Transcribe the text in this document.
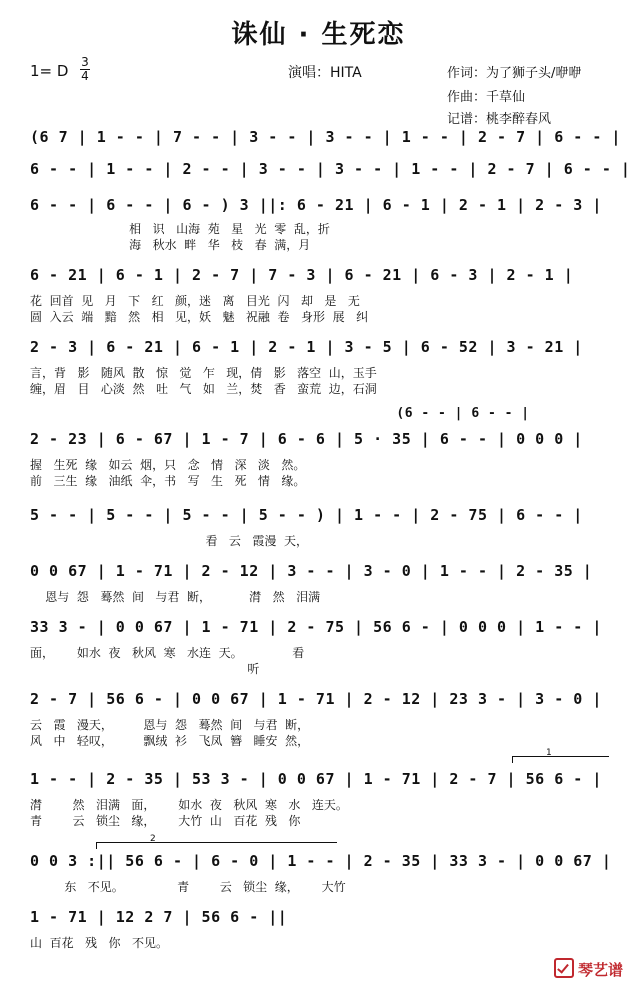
诛仙 · 生死恋
1= D $\frac{3}{4}$	演唱：HITA	作词：为了狮子头/咿咿
作曲：千草仙
记谱：桃李醉春风
(6 7 | 1 - - | 7 - - | 3 - - | 3 - - | 1 - - | 2 - 7 | 6 - - |
6 - - | 1 - - | 2 - - | 3 - - | 3 - - | 1 - - | 2 - 7 | 6 - - |
6 - - | 6 - - | 6 - ) 3 ||: 6 - 21 | 6 - 1 | 2 - 1 | 2 - 3 |
相   识   山海  苑   星   光  零  乱，折
海   秋水  畔   华   枝   春  满，月
6 - 21 | 6 - 1 | 2 - 7 | 7 - 3 | 6 - 21 | 6 - 3 | 2 - 1 |
花  回首  见   月   下   红   颜，迷   离   目光  闪   却   是   无
圆  入云  端   黯   然   相   见，妖   魅   祝融  卷   身形  展   纠
2 - 3 | 6 - 21 | 6 - 1 | 2 - 1 | 3 - 5 | 6 - 52 | 3 - 21 |
言，背   影   随风  散   惊   觉   乍   现，倩   影   落空  山，玉手
缠，眉   目   心淡  然   吐   气   如   兰，焚   香   蛮荒  边，石洞
(6 - - | 6 - - |
2 - 23 | 6 - 67 | 1 - 7 | 6 - 6 | 5 · 35 | 6 - - | 0 0 0 |
握   生死  缘   如云  烟，只   念   情   深   淡   然。
前   三生  缘   油纸  伞，书   写   生   死   情   缘。
5 - - | 5 - - | 5 - - | 5 - - ) | 1 - - | 2 - 75 | 6 - - |
看   云   霞漫  天，
0 0 67 | 1 - 71 | 2 - 12 | 3 - - | 3 - 0 | 1 - - | 2 - 35 |
恩与  怨   蓦然  间   与君  断，          潸   然   泪满
33 3 - | 0 0 67 | 1 - 71 | 2 - 75 | 56 6 - | 0 0 0 | 1 - - |
面，      如水  夜   秋风  寒   水连  天。             看
听
2 - 7 | 56 6 - | 0 0 67 | 1 - 71 | 2 - 12 | 23 3 - | 3 - 0 |
云   霞   漫天，        恩与  怨   蓦然  间   与君  断，
风   中   轻叹，        飘绒  衫   飞凤  簪   睡安  然，
1
1 - - | 2 - 35 | 53 3 - | 0 0 67 | 1 - 71 | 2 - 7 | 56 6 - |
潸        然   泪满   面，      如水  夜   秋风  寒   水   连天。
青        云   锁尘   缘，      大竹  山   百花  残   你
2
0 0 3 :|| 56 6 - | 6 - 0 | 1 - - | 2 - 35 | 33 3 - | 0 0 67 |
东   不见。              青        云   锁尘  缘，      大竹
1 - 71 | 12 2 7 | 56 6 - ||
山  百花   残   你   不见。
琴艺谱
